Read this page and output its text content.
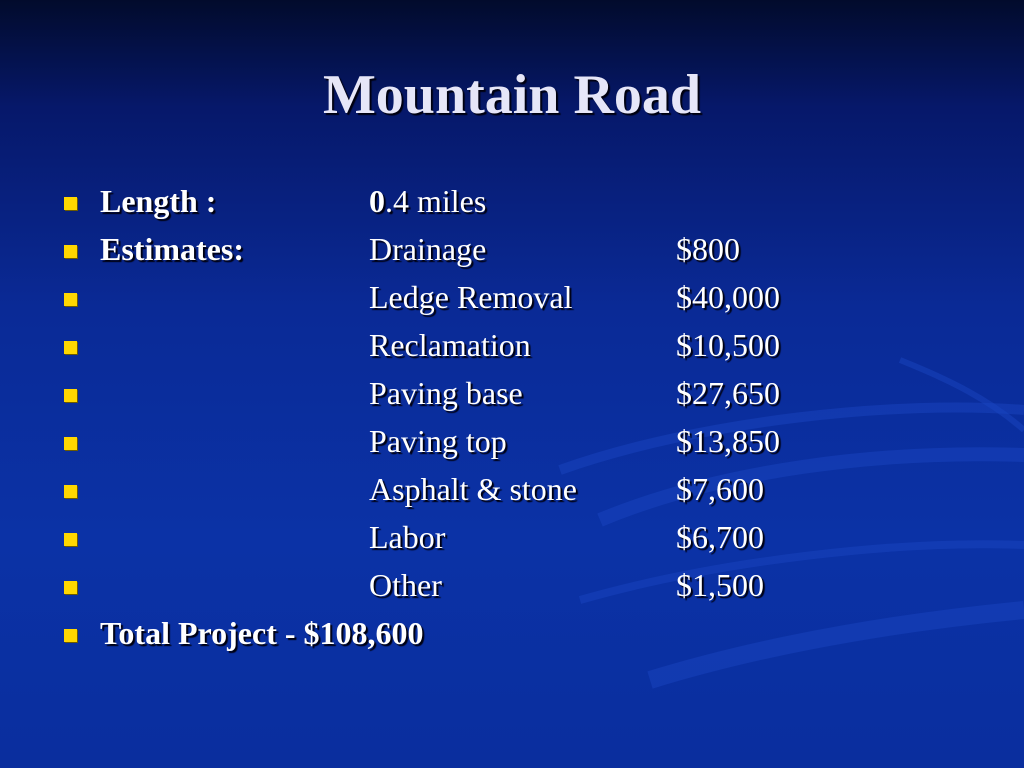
Mountain Road
Length :	0.4 miles
Estimates:	Drainage	$800
Ledge Removal	$40,000
Reclamation	$10,500
Paving base	$27,650
Paving top	$13,850
Asphalt & stone	$7,600
Labor	$6,700
Other	$1,500
Total Project - $108,600
